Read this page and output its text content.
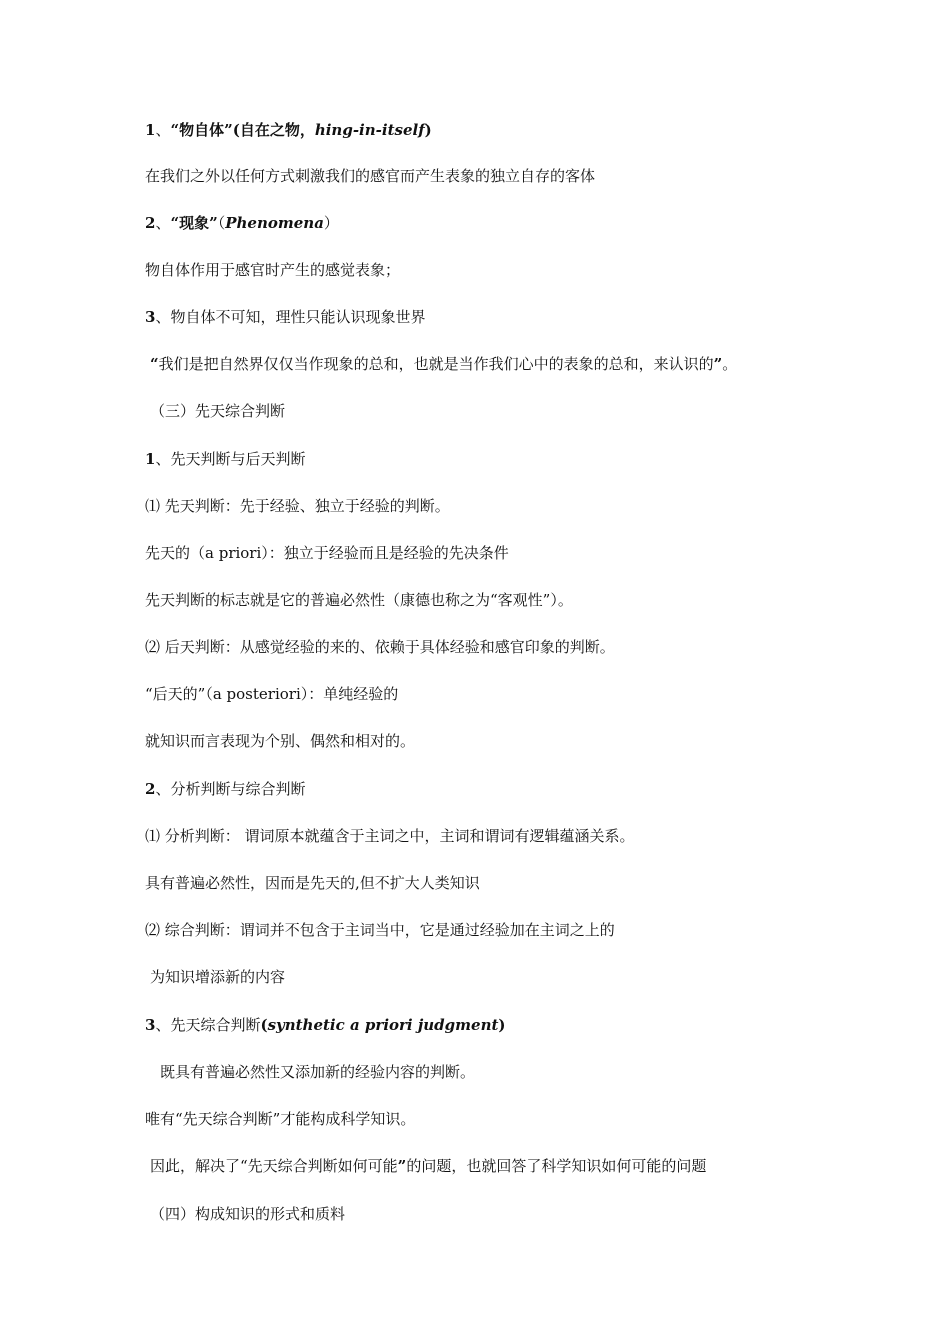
1、“物自体”(自在之物，hing-in-itself)
在我们之外以任何方式刺激我们的感官而产生表象的独立自存的客体
2、“现象”（Phenomena）
物自体作用于感官时产生的感觉表象；
3、物自体不可知，理性只能认识现象世界
“我们是把自然界仅仅当作现象的总和，也就是当作我们心中的表象的总和，来认识的”。
（三）先天综合判断
1、先天判断与后天判断
⑴ 先天判断：先于经验、独立于经验的判断。
先天的（a priori）：独立于经验而且是经验的先决条件
先天判断的标志就是它的普遍必然性（康德也称之为“客观性”）。
⑵ 后天判断：从感觉经验的来的、依赖于具体经验和感官印象的判断。
“后天的”（a posteriori）：单纯经验的
就知识而言表现为个别、偶然和相对的。
2、分析判断与综合判断
⑴ 分析判断： 谓词原本就蕴含于主词之中，主词和谓词有逻辑蕴涵关系。
具有普遍必然性，因而是先天的,但不扩大人类知识
⑵ 综合判断：谓词并不包含于主词当中，它是通过经验加在主词之上的
为知识增添新的内容
3、先天综合判断(synthetic a priori judgment)
既具有普遍必然性又添加新的经验内容的判断。
唯有“先天综合判断”才能构成科学知识。
因此，解决了“先天综合判断如何可能”的问题，也就回答了科学知识如何可能的问题
（四）构成知识的形式和质料
